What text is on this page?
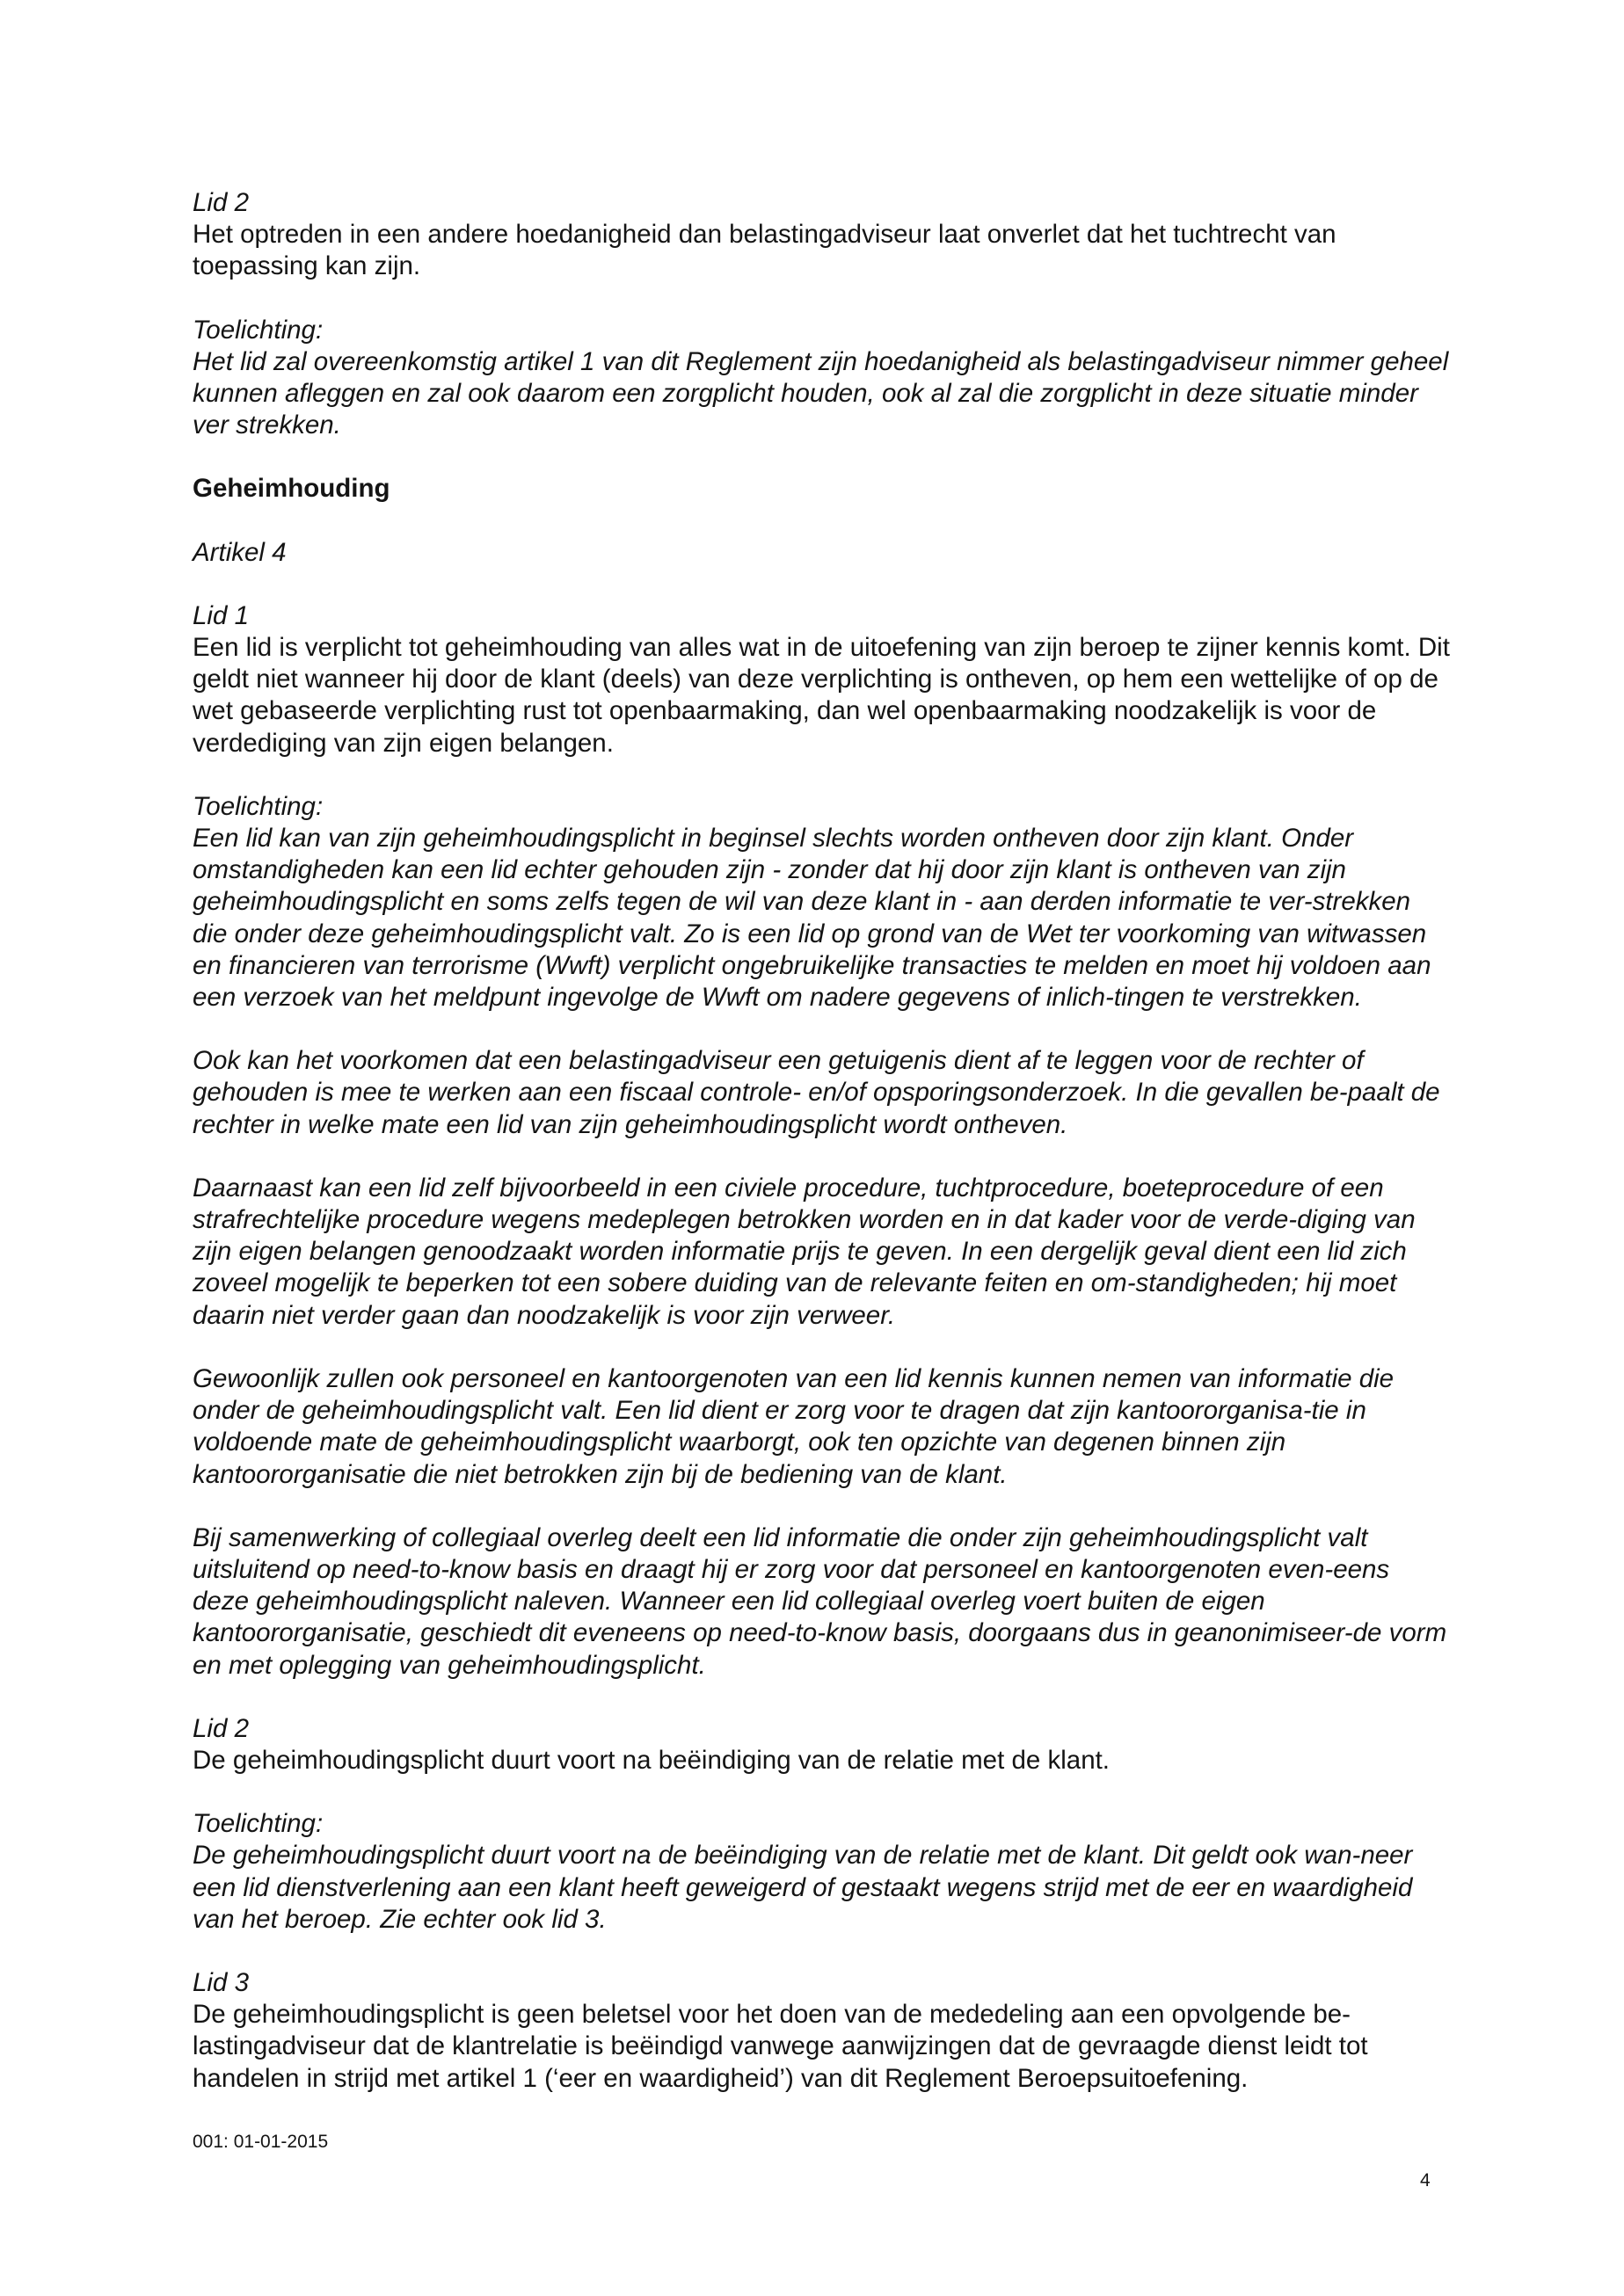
Lid 2
Het optreden in een andere hoedanigheid dan belastingadviseur laat onverlet dat het tuchtrecht van toepassing kan zijn.
Toelichting:
Het lid zal overeenkomstig artikel 1 van dit Reglement zijn hoedanigheid als belastingadviseur nimmer geheel kunnen afleggen en zal ook daarom een zorgplicht houden, ook al zal die zorgplicht in deze situatie minder ver strekken.
Geheimhouding
Artikel 4
Lid 1
Een lid is verplicht tot geheimhouding van alles wat in de uitoefening van zijn beroep te zijner kennis komt. Dit geldt niet wanneer hij door de klant (deels) van deze verplichting is ontheven, op hem een wettelijke of op de wet gebaseerde verplichting rust tot openbaarmaking, dan wel openbaarmaking noodzakelijk is voor de verdediging van zijn eigen belangen.
Toelichting:
Een lid kan van zijn geheimhoudingsplicht in beginsel slechts worden ontheven door zijn klant. Onder omstandigheden kan een lid echter gehouden zijn - zonder dat hij door zijn klant is ontheven van zijn geheimhoudingsplicht en soms zelfs tegen de wil van deze klant in - aan derden informatie te ver-strekken die onder deze geheimhoudingsplicht valt. Zo is een lid op grond van de Wet ter voorkoming van witwassen en financieren van terrorisme (Wwft) verplicht ongebruikelijke transacties te melden en moet hij voldoen aan een verzoek van het meldpunt ingevolge de Wwft om nadere gegevens of inlich-tingen te verstrekken.
Ook kan het voorkomen dat een belastingadviseur een getuigenis dient af te leggen voor de rechter of gehouden is mee te werken aan een fiscaal controle- en/of opsporingsonderzoek. In die gevallen be-paalt de rechter in welke mate een lid van zijn geheimhoudingsplicht wordt ontheven.
Daarnaast kan een lid zelf bijvoorbeeld in een civiele procedure, tuchtprocedure, boeteprocedure of een strafrechtelijke procedure wegens medeplegen betrokken worden en in dat kader voor de verde-diging van zijn eigen belangen genoodzaakt worden informatie prijs te geven. In een dergelijk geval dient een lid zich zoveel mogelijk te beperken tot een sobere duiding van de relevante feiten en om-standigheden; hij moet daarin niet verder gaan dan noodzakelijk is voor zijn verweer.
Gewoonlijk zullen ook personeel en kantoorgenoten van een lid kennis kunnen nemen van informatie die onder de geheimhoudingsplicht valt. Een lid dient er zorg voor te dragen dat zijn kantoororganisa-tie in voldoende mate de geheimhoudingsplicht waarborgt, ook ten opzichte van degenen binnen zijn kantoororganisatie die niet betrokken zijn bij de bediening van de klant.
Bij samenwerking of collegiaal overleg deelt een lid informatie die onder zijn geheimhoudingsplicht valt uitsluitend op need-to-know basis en draagt hij er zorg voor dat personeel en kantoorgenoten even-eens deze geheimhoudingsplicht naleven. Wanneer een lid collegiaal overleg voert buiten de eigen kantoororganisatie, geschiedt dit eveneens op need-to-know basis, doorgaans dus in geanonimiseer-de vorm en met oplegging van geheimhoudingsplicht.
Lid 2
De geheimhoudingsplicht duurt voort na beëindiging van de relatie met de klant.
Toelichting:
De geheimhoudingsplicht duurt voort na de beëindiging van de relatie met de klant. Dit geldt ook wan-neer een lid dienstverlening aan een klant heeft geweigerd of gestaakt wegens strijd met de eer en waardigheid van het beroep. Zie echter ook lid 3.
Lid 3
De geheimhoudingsplicht is geen beletsel voor het doen van de mededeling aan een opvolgende be-lastingadviseur dat de klantrelatie is beëindigd vanwege aanwijzingen dat de gevraagde dienst leidt tot handelen in strijd met artikel 1 (‘eer en waardigheid’) van dit Reglement Beroepsuitoefening.
001: 01-01-2015
4
